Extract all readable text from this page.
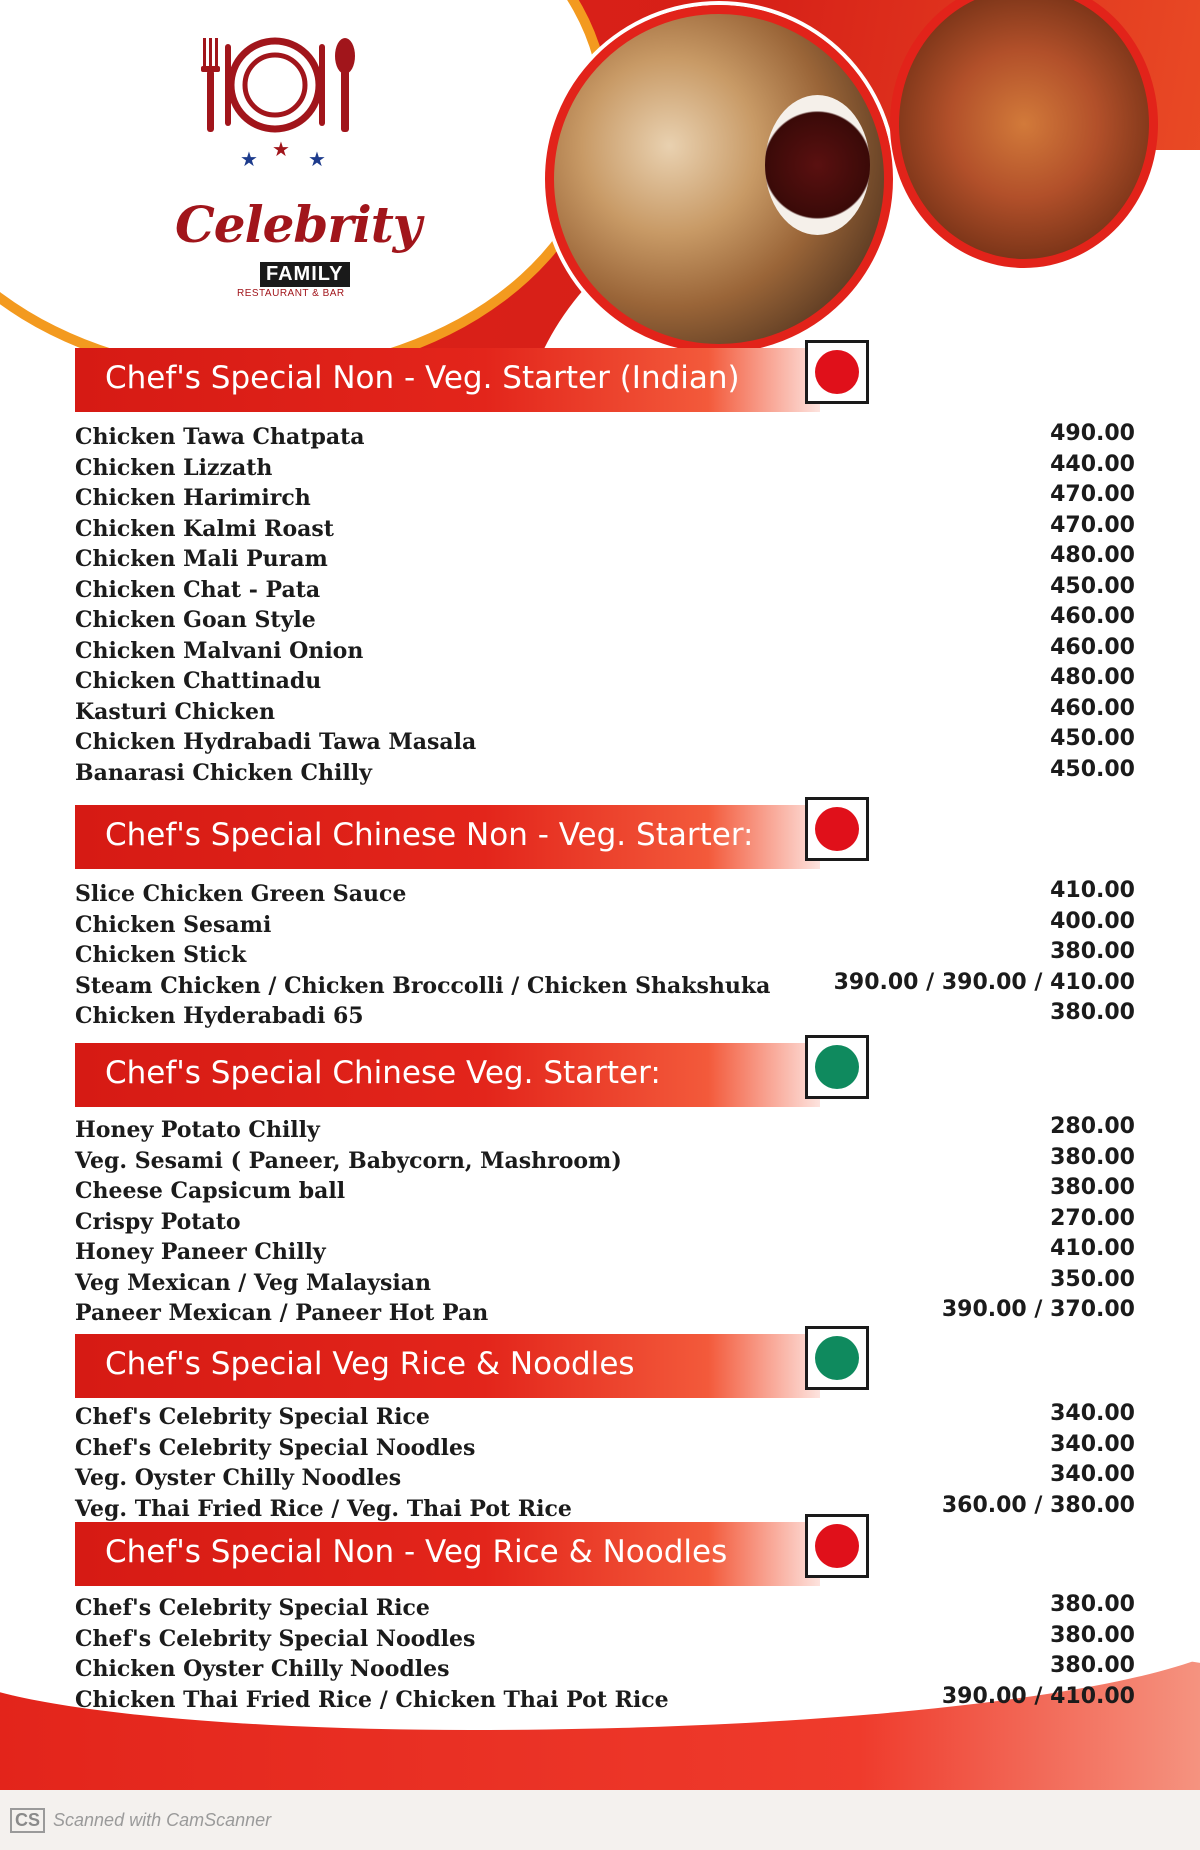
★ ★ ★
Celebrity
FAMILY
RESTAURANT & BAR
Chef's Special Non - Veg. Starter (Indian)
Chicken Tawa Chatpata	490.00
Chicken Lizzath	440.00
Chicken Harimirch	470.00
Chicken Kalmi Roast	470.00
Chicken Mali Puram	480.00
Chicken Chat - Pata	450.00
Chicken Goan Style	460.00
Chicken Malvani Onion	460.00
Chicken Chattinadu	480.00
Kasturi Chicken	460.00
Chicken Hydrabadi Tawa Masala	450.00
Banarasi Chicken Chilly	450.00
Chef's Special Chinese Non - Veg. Starter:
Slice Chicken Green Sauce	410.00
Chicken Sesami	400.00
Chicken Stick	380.00
Steam Chicken / Chicken Broccolli / Chicken Shakshuka	390.00 / 390.00 / 410.00
Chicken Hyderabadi 65	380.00
Chef's Special Chinese Veg. Starter:
Honey Potato Chilly	280.00
Veg. Sesami ( Paneer, Babycorn, Mashroom)	380.00
Cheese Capsicum ball	380.00
Crispy Potato	270.00
Honey Paneer Chilly	410.00
Veg Mexican / Veg Malaysian	350.00
Paneer Mexican / Paneer Hot Pan	390.00 / 370.00
Chef's Special Veg Rice & Noodles
Chef's Celebrity Special Rice	340.00
Chef's Celebrity Special Noodles	340.00
Veg. Oyster Chilly Noodles	340.00
Veg. Thai Fried Rice / Veg. Thai Pot Rice	360.00 / 380.00
Chef's Special Non - Veg Rice & Noodles
Chef's Celebrity Special Rice	380.00
Chef's Celebrity Special Noodles	380.00
Chicken Oyster Chilly Noodles	380.00
Chicken Thai Fried Rice / Chicken Thai Pot Rice	390.00 / 410.00
CS Scanned with CamScanner
